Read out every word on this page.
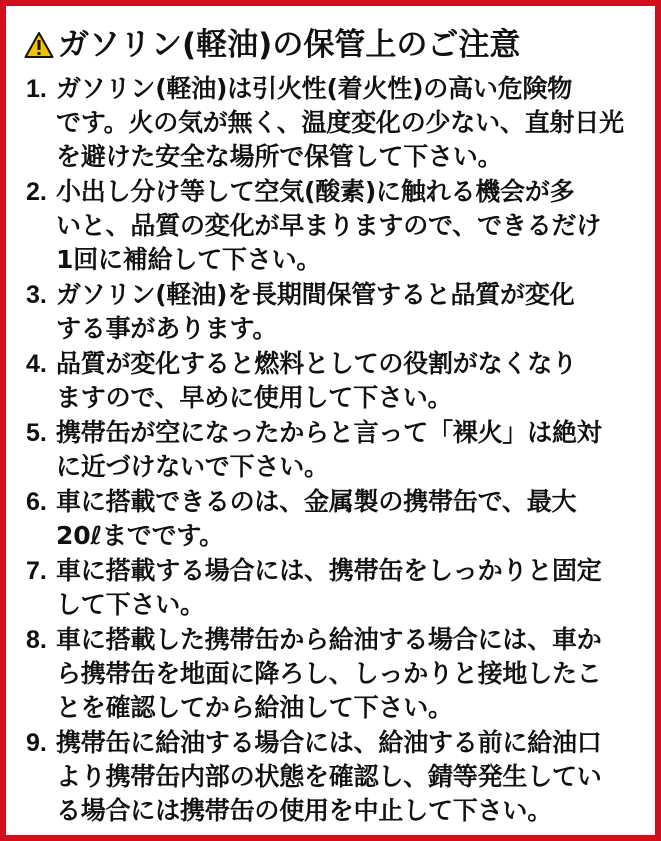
ガソリン(軽油)の保管上のご注意
1. ガソリン(軽油)は引火性(着火性)の高い危険物
です。火の気が無く、温度変化の少ない、直射日光
を避けた安全な場所で保管して下さい。
2. 小出し分け等して空気(酸素)に触れる機会が多
いと、品質の変化が早まりますので、できるだけ
1回に補給して下さい。
3. ガソリン(軽油)を長期間保管すると品質が変化
する事があります。
4. 品質が変化すると燃料としての役割がなくなり
ますので、早めに使用して下さい。
5. 携帯缶が空になったからと言って「裸火」は絶対
に近づけないで下さい。
6. 車に搭載できるのは、金属製の携帯缶で、最大
20ℓまでです。
7. 車に搭載する場合には、携帯缶をしっかりと固定
して下さい。
8. 車に搭載した携帯缶から給油する場合には、車か
ら携帯缶を地面に降ろし、しっかりと接地したこ
とを確認してから給油して下さい。
9. 携帯缶に給油する場合には、給油する前に給油口
より携帯缶内部の状態を確認し、錆等発生してい
る場合には携帯缶の使用を中止して下さい。
